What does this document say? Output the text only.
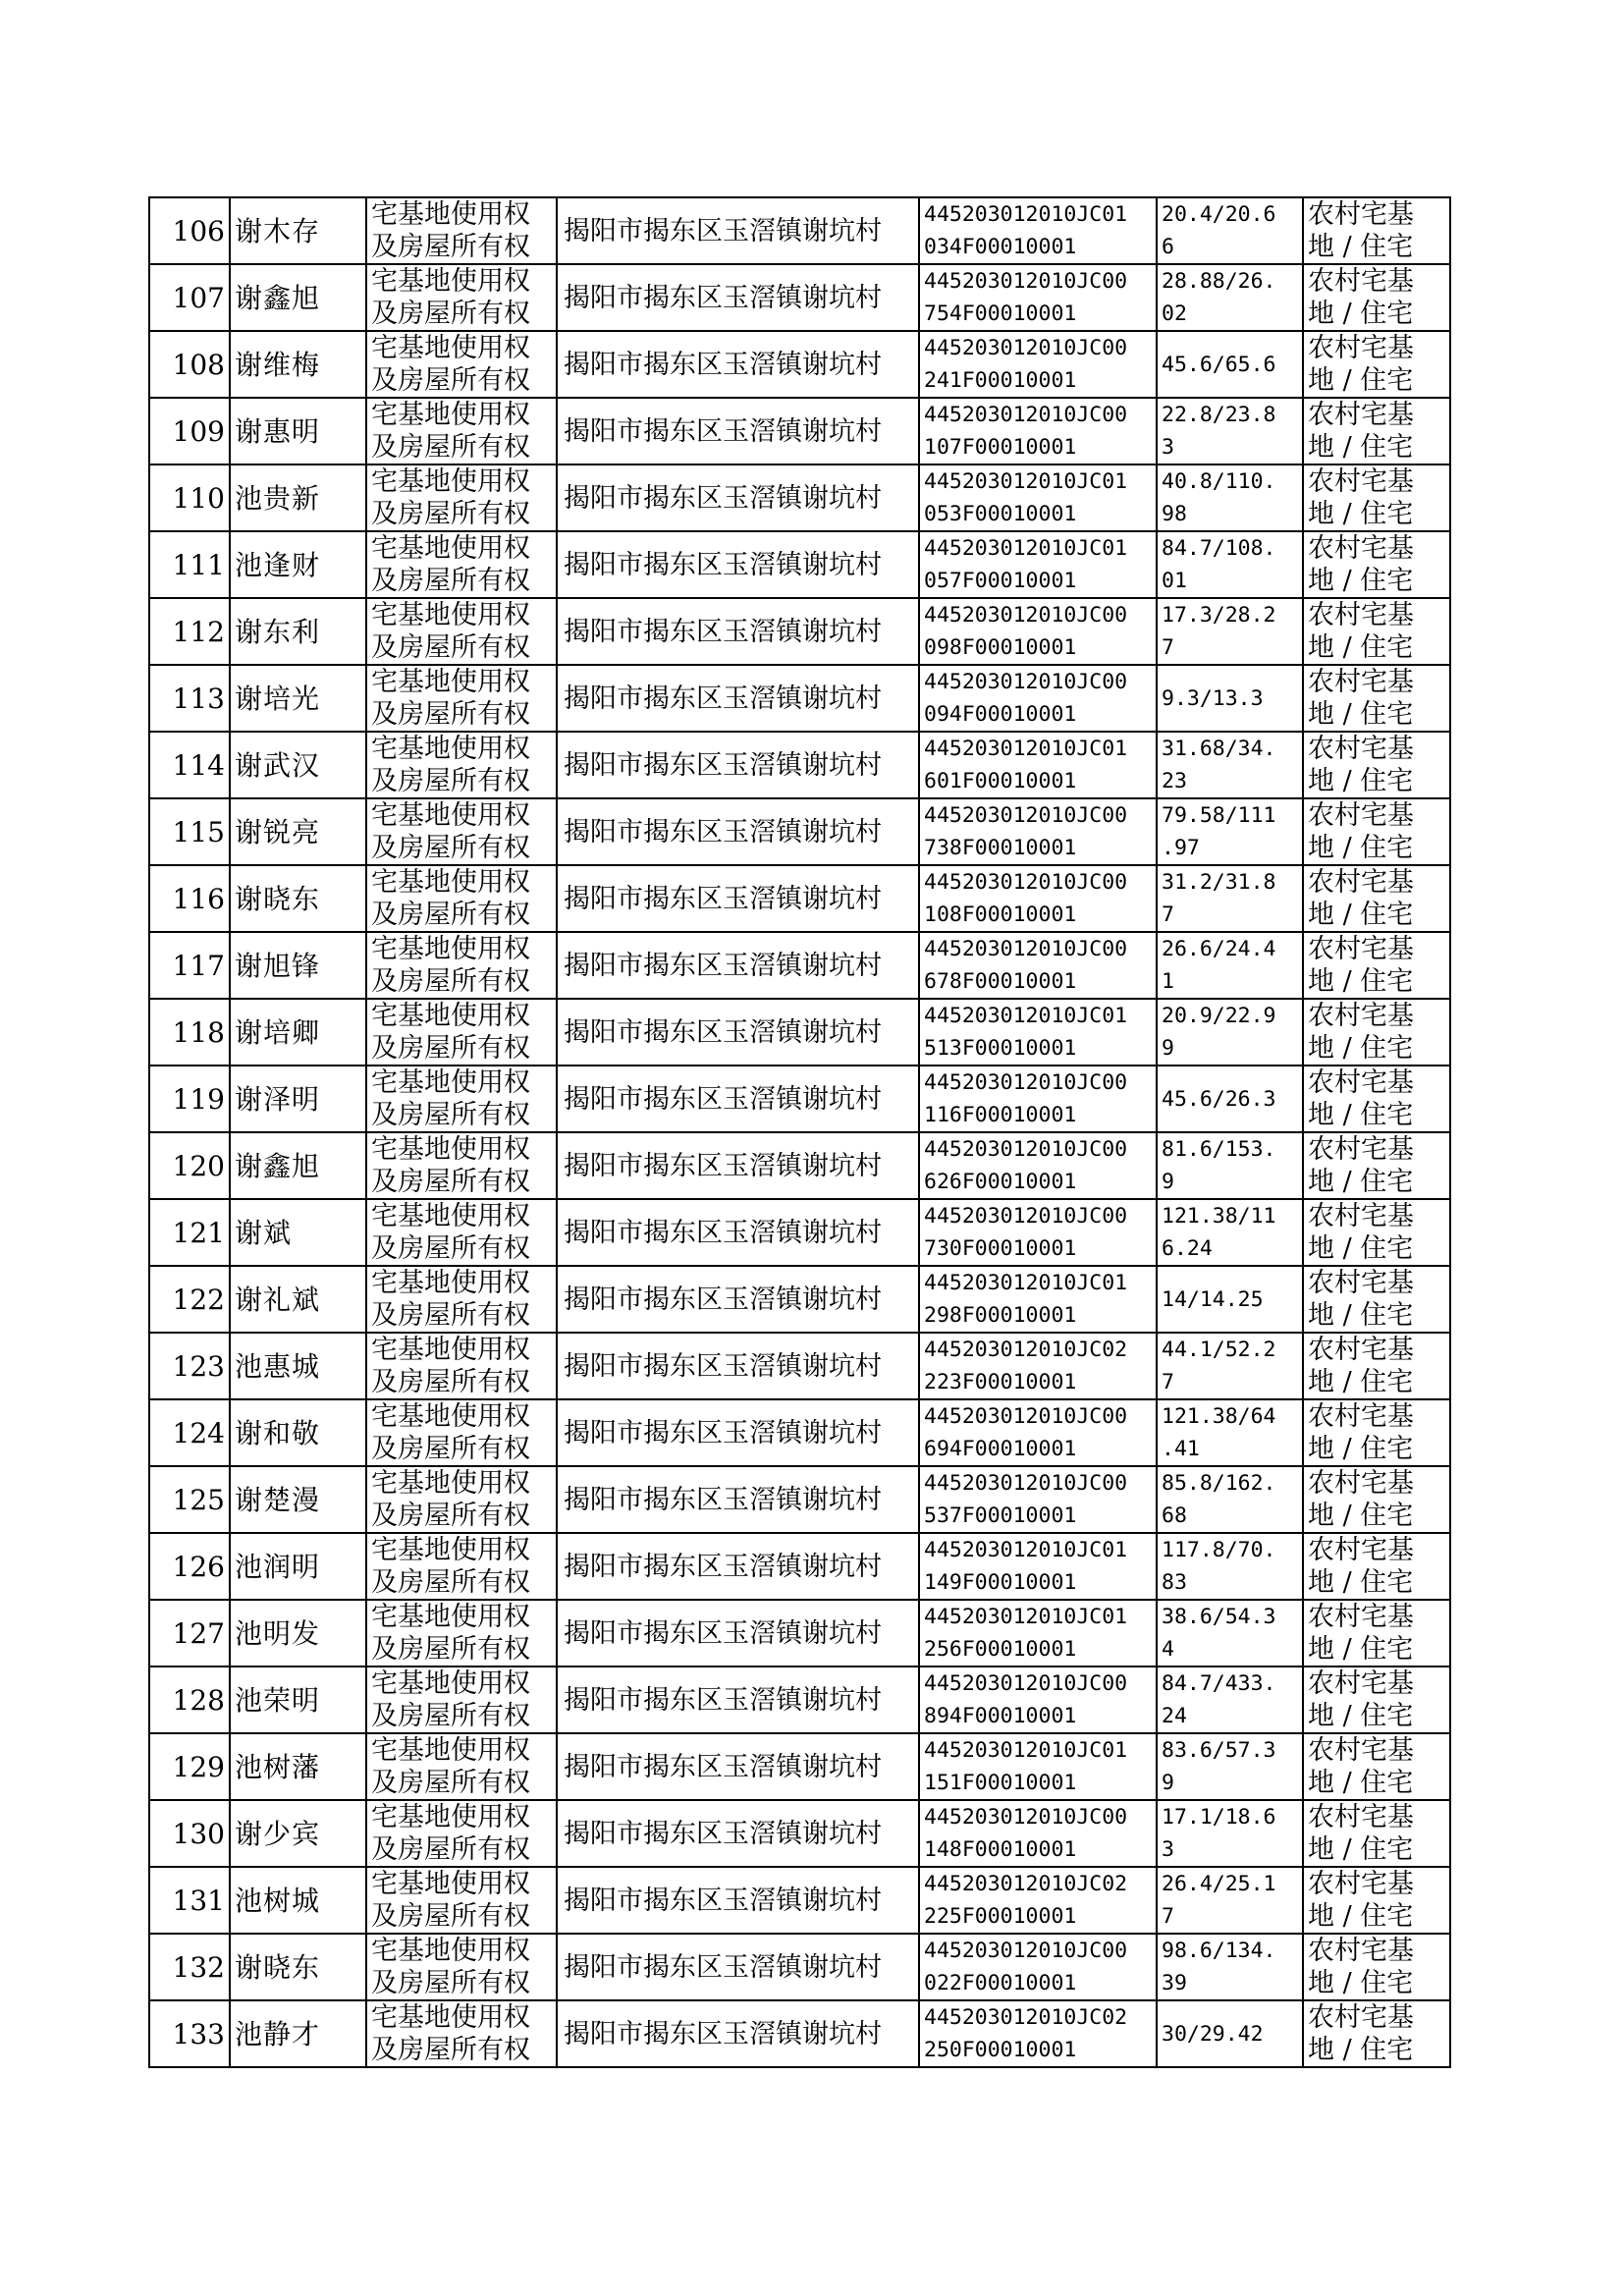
106	谢木存	宅基地使用权
及房屋所有权	揭阳市揭东区玉滘镇谢坑村	445203012010JC01
034F00010001	20.4/20.6
6	农村宅基
地 / 住宅

107	谢鑫旭	宅基地使用权
及房屋所有权	揭阳市揭东区玉滘镇谢坑村	445203012010JC00
754F00010001	28.88/26.
02	农村宅基
地 / 住宅

108	谢维梅	宅基地使用权
及房屋所有权	揭阳市揭东区玉滘镇谢坑村	445203012010JC00
241F00010001	45.6/65.6	农村宅基
地 / 住宅

109	谢惠明	宅基地使用权
及房屋所有权	揭阳市揭东区玉滘镇谢坑村	445203012010JC00
107F00010001	22.8/23.8
3	农村宅基
地 / 住宅

110	池贵新	宅基地使用权
及房屋所有权	揭阳市揭东区玉滘镇谢坑村	445203012010JC01
053F00010001	40.8/110.
98	农村宅基
地 / 住宅

111	池逢财	宅基地使用权
及房屋所有权	揭阳市揭东区玉滘镇谢坑村	445203012010JC01
057F00010001	84.7/108.
01	农村宅基
地 / 住宅

112	谢东利	宅基地使用权
及房屋所有权	揭阳市揭东区玉滘镇谢坑村	445203012010JC00
098F00010001	17.3/28.2
7	农村宅基
地 / 住宅

113	谢培光	宅基地使用权
及房屋所有权	揭阳市揭东区玉滘镇谢坑村	445203012010JC00
094F00010001	9.3/13.3	农村宅基
地 / 住宅

114	谢武汉	宅基地使用权
及房屋所有权	揭阳市揭东区玉滘镇谢坑村	445203012010JC01
601F00010001	31.68/34.
23	农村宅基
地 / 住宅

115	谢锐亮	宅基地使用权
及房屋所有权	揭阳市揭东区玉滘镇谢坑村	445203012010JC00
738F00010001	79.58/111
.97	农村宅基
地 / 住宅

116	谢晓东	宅基地使用权
及房屋所有权	揭阳市揭东区玉滘镇谢坑村	445203012010JC00
108F00010001	31.2/31.8
7	农村宅基
地 / 住宅

117	谢旭锋	宅基地使用权
及房屋所有权	揭阳市揭东区玉滘镇谢坑村	445203012010JC00
678F00010001	26.6/24.4
1	农村宅基
地 / 住宅

118	谢培卿	宅基地使用权
及房屋所有权	揭阳市揭东区玉滘镇谢坑村	445203012010JC01
513F00010001	20.9/22.9
9	农村宅基
地 / 住宅

119	谢泽明	宅基地使用权
及房屋所有权	揭阳市揭东区玉滘镇谢坑村	445203012010JC00
116F00010001	45.6/26.3	农村宅基
地 / 住宅

120	谢鑫旭	宅基地使用权
及房屋所有权	揭阳市揭东区玉滘镇谢坑村	445203012010JC00
626F00010001	81.6/153.
9	农村宅基
地 / 住宅

121	谢斌	宅基地使用权
及房屋所有权	揭阳市揭东区玉滘镇谢坑村	445203012010JC00
730F00010001	121.38/11
6.24	农村宅基
地 / 住宅

122	谢礼斌	宅基地使用权
及房屋所有权	揭阳市揭东区玉滘镇谢坑村	445203012010JC01
298F00010001	14/14.25	农村宅基
地 / 住宅

123	池惠城	宅基地使用权
及房屋所有权	揭阳市揭东区玉滘镇谢坑村	445203012010JC02
223F00010001	44.1/52.2
7	农村宅基
地 / 住宅

124	谢和敬	宅基地使用权
及房屋所有权	揭阳市揭东区玉滘镇谢坑村	445203012010JC00
694F00010001	121.38/64
.41	农村宅基
地 / 住宅

125	谢楚漫	宅基地使用权
及房屋所有权	揭阳市揭东区玉滘镇谢坑村	445203012010JC00
537F00010001	85.8/162.
68	农村宅基
地 / 住宅

126	池润明	宅基地使用权
及房屋所有权	揭阳市揭东区玉滘镇谢坑村	445203012010JC01
149F00010001	117.8/70.
83	农村宅基
地 / 住宅

127	池明发	宅基地使用权
及房屋所有权	揭阳市揭东区玉滘镇谢坑村	445203012010JC01
256F00010001	38.6/54.3
4	农村宅基
地 / 住宅

128	池荣明	宅基地使用权
及房屋所有权	揭阳市揭东区玉滘镇谢坑村	445203012010JC00
894F00010001	84.7/433.
24	农村宅基
地 / 住宅

129	池树藩	宅基地使用权
及房屋所有权	揭阳市揭东区玉滘镇谢坑村	445203012010JC01
151F00010001	83.6/57.3
9	农村宅基
地 / 住宅

130	谢少宾	宅基地使用权
及房屋所有权	揭阳市揭东区玉滘镇谢坑村	445203012010JC00
148F00010001	17.1/18.6
3	农村宅基
地 / 住宅

131	池树城	宅基地使用权
及房屋所有权	揭阳市揭东区玉滘镇谢坑村	445203012010JC02
225F00010001	26.4/25.1
7	农村宅基
地 / 住宅

132	谢晓东	宅基地使用权
及房屋所有权	揭阳市揭东区玉滘镇谢坑村	445203012010JC00
022F00010001	98.6/134.
39	农村宅基
地 / 住宅

133	池静才	宅基地使用权
及房屋所有权	揭阳市揭东区玉滘镇谢坑村	445203012010JC02
250F00010001	30/29.42	农村宅基
地 / 住宅
